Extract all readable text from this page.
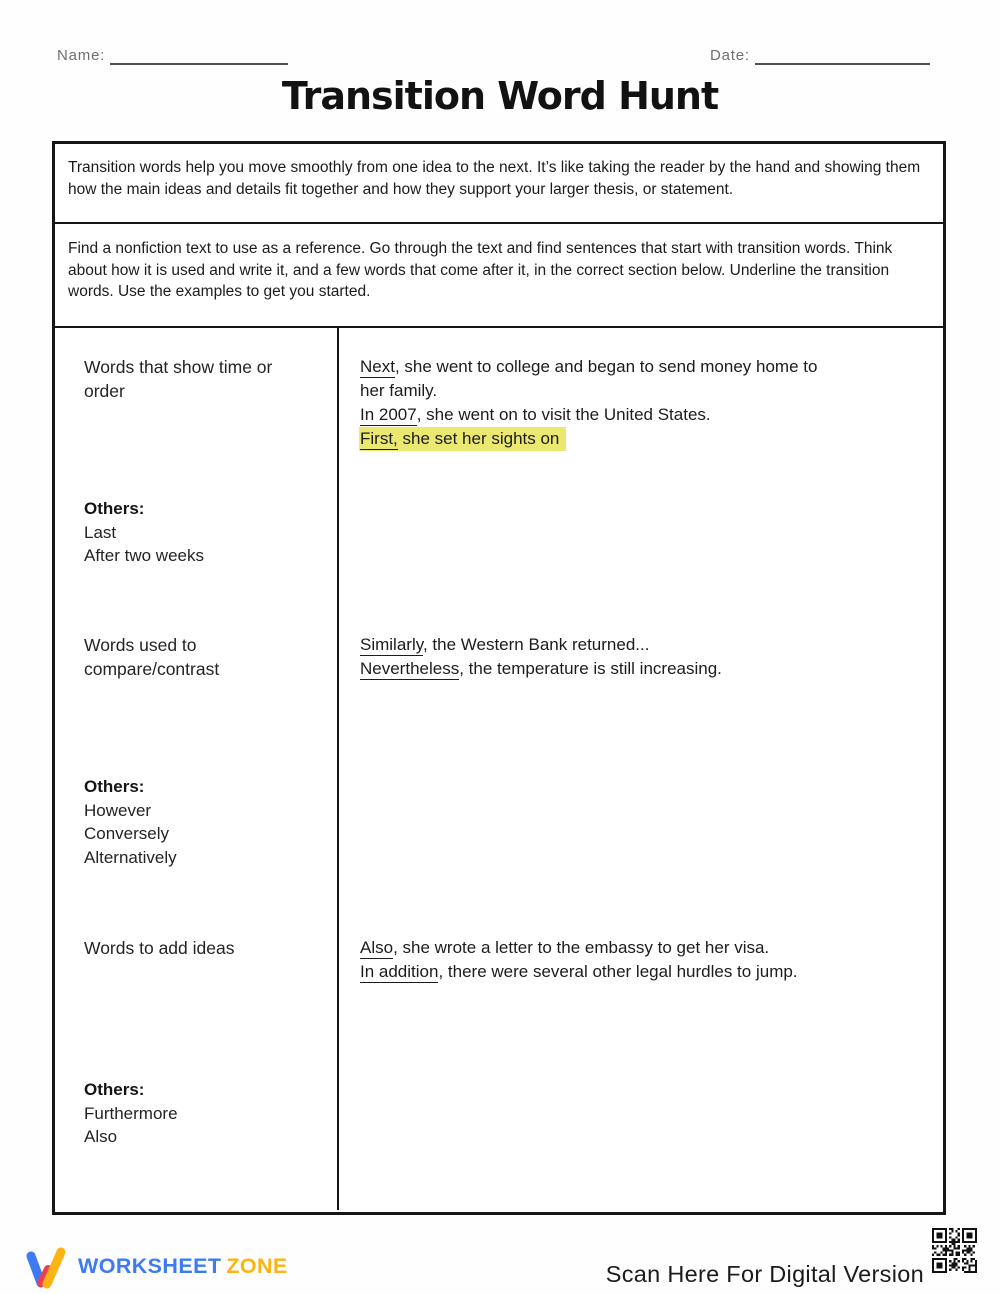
Name:	Date:
Transition Word Hunt
Transition words help you move smoothly from one idea to the next. It’s like taking the reader by the hand and showing them how the main ideas and details fit together and how they support your larger thesis, or statement.
Find a nonfiction text to use as a reference. Go through the text and find sentences that start with transition words. Think about how it is used and write it, and a few words that come after it, in the correct section below. Underline the transition words. Use the examples to get you started.
Words that show time or order
Others:
Last
After two weeks
Next, she went to college and began to send money home to
her family.
In 2007, she went on to visit the United States.
First, she set her sights on
Words used to compare/contrast
Others:
However
Conversely
Alternatively
Similarly, the Western Bank returned...
Nevertheless, the temperature is still increasing.
Words to add ideas
Others:
Furthermore
Also
Also, she wrote a letter to the embassy to get her visa.
In addition, there were several other legal hurdles to jump.
WORKSHEET ZONE	Scan Here For Digital Version
